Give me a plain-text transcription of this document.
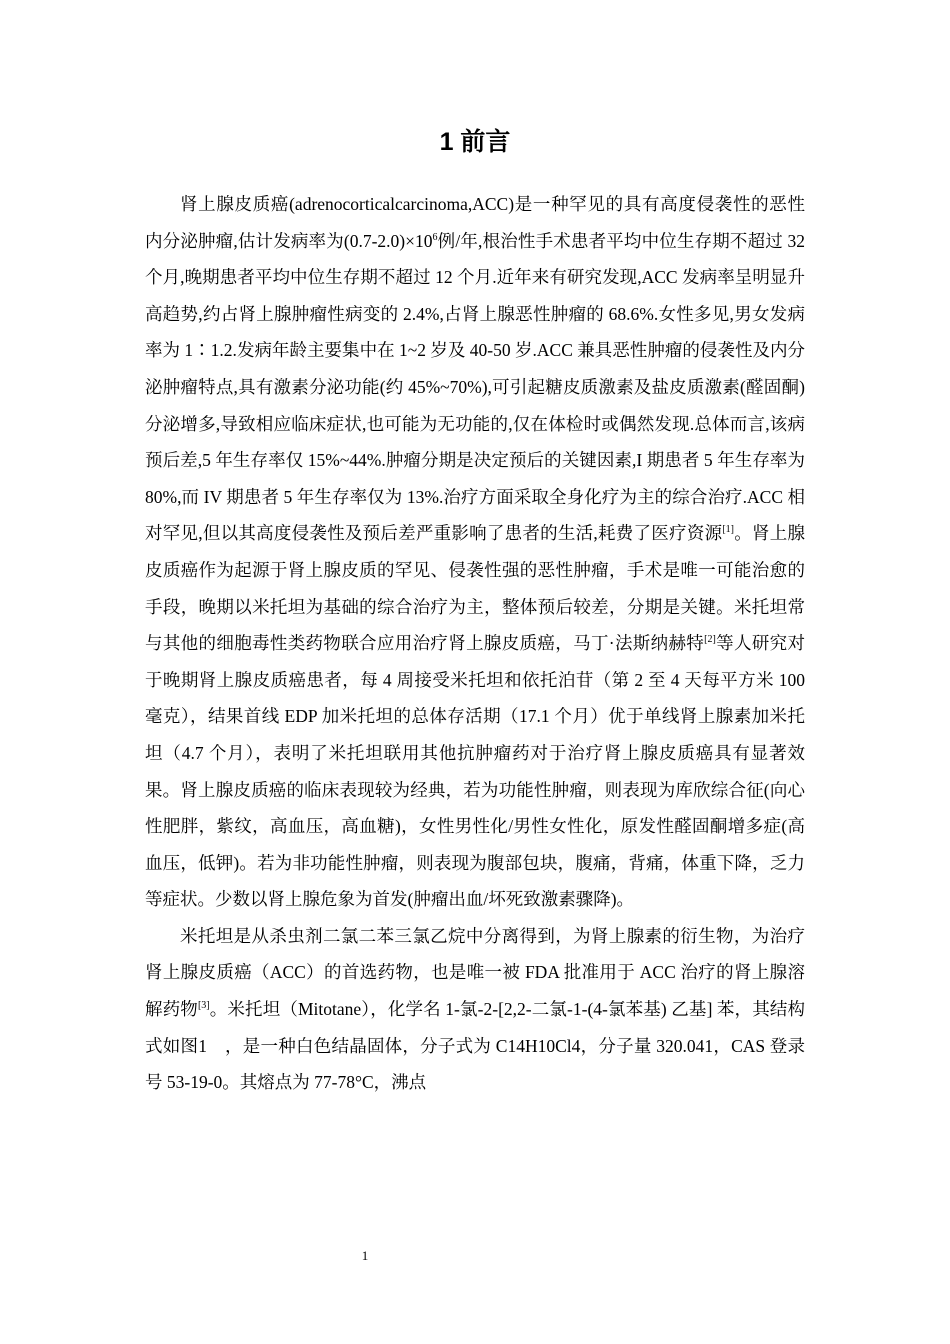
1 前言

肾上腺皮质癌(adrenocorticalcarcinoma,ACC)是一种罕见的具有高度侵袭性的恶性内分泌肿瘤,估计发病率为$(0.7-2.0)\times 10^6$例/年,根治性手术患者平均中位生存期不超过 32 个月,晚期患者平均中位生存期不超过 12 个月.近年来有研究发现,ACC 发病率呈明显升高趋势,约占肾上腺肿瘤性病变的 2.4%,占肾上腺恶性肿瘤的 68.6%.女性多见,男女发病率为 1∶1.2.发病年龄主要集中在 1~2 岁及 40-50 岁.ACC 兼具恶性肿瘤的侵袭性及内分泌肿瘤特点,具有激素分泌功能(约 45%~70%),可引起糖皮质激素及盐皮质激素(醛固酮)分泌增多,导致相应临床症状,也可能为无功能的,仅在体检时或偶然发现.总体而言,该病预后差,5 年生存率仅 15%~44%.肿瘤分期是决定预后的关键因素,I 期患者 5 年生存率为 80%,而 IV 期患者 5 年生存率仅为 13%.治疗方面采取全身化疗为主的综合治疗.ACC 相对罕见,但以其高度侵袭性及预后差严重影响了患者的生活,耗费了医疗资源[1]。肾上腺皮质癌作为起源于肾上腺皮质的罕见、侵袭性强的恶性肿瘤，手术是唯一可能治愈的手段，晚期以米托坦为基础的综合治疗为主，整体预后较差，分期是关键。米托坦常与其他的细胞毒性类药物联合应用治疗肾上腺皮质癌，马丁·法斯纳赫特[2]等人研究对于晚期肾上腺皮质癌患者，每 4 周接受米托坦和依托泊苷（第 2 至 4 天每平方米 100 毫克），结果首线 EDP 加米托坦的总体存活期（17.1 个月）优于单线肾上腺素加米托坦（4.7 个月），表明了米托坦联用其他抗肿瘤药对于治疗肾上腺皮质癌具有显著效果。肾上腺皮质癌的临床表现较为经典，若为功能性肿瘤，则表现为库欣综合征(向心性肥胖，紫纹，高血压，高血糖)，女性男性化/男性女性化，原发性醛固酮增多症(高血压，低钾)。若为非功能性肿瘤，则表现为腹部包块，腹痛，背痛，体重下降，乏力等症状。少数以肾上腺危象为首发(肿瘤出血/坏死致激素骤降)。

米托坦是从杀虫剂二氯二苯三氯乙烷中分离得到，为肾上腺素的衍生物，为治疗肾上腺皮质癌（ACC）的首选药物，也是唯一被 FDA 批准用于 ACC 治疗的肾上腺溶解药物[3]。米托坦（Mitotane），化学名 1-氯-2-[2,2-二氯-1-(4-氯苯基) 乙基] 苯，其结构式如图1　，是一种白色结晶固体，分子式为 C14H10Cl4，分子量 320.041，CAS 登录号 53-19-0。其熔点为 77-78°C，沸点

1
